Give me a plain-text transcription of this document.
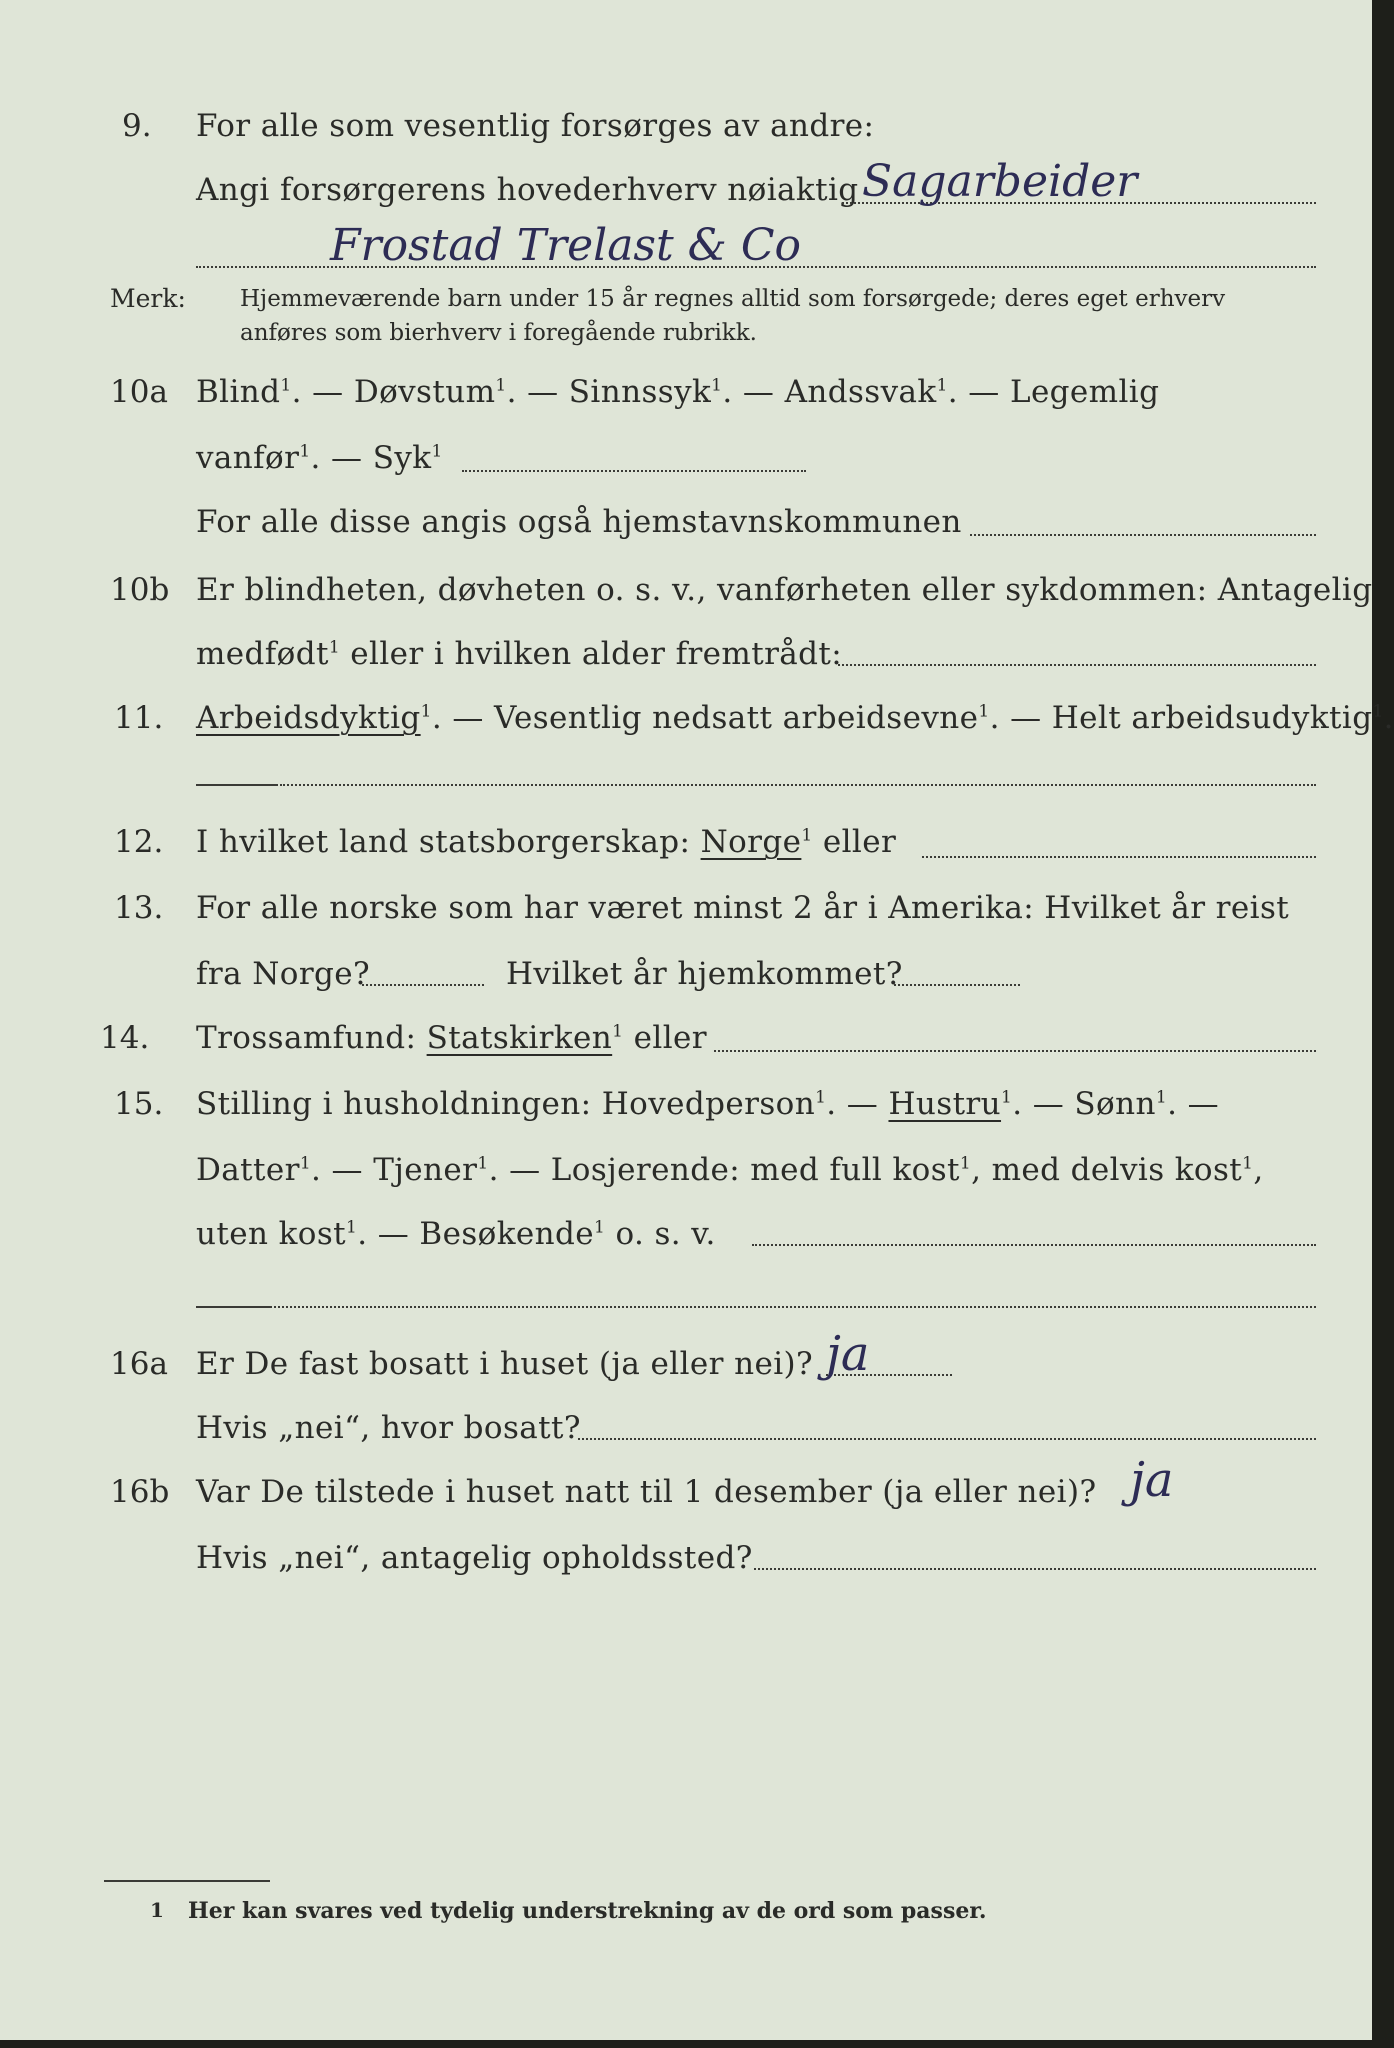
9. For alle som vesentlig forsørges av andre:
Angi forsørgerens hovederhverv nøiaktig Sagarbeider
Frostad Trelast & Co
Merk: Hjemmeværende barn under 15 år regnes alltid som forsørgede; deres eget erhverv
anføres som bierhverv i foregående rubrikk.
10a Blind$^1$. — Døvstum$^1$. — Sinnssyk$^1$. — Andssvak$^1$. — Legemlig
vanfør$^1$. — Syk$^1$
For alle disse angis også hjemstavnskommunen
10b Er blindheten, døvheten o. s. v., vanførheten eller sykdommen: Antagelig
medfødt$^1$ eller i hvilken alder fremtrådt:
11. Arbeidsdyktig$^1$. — Vesentlig nedsatt arbeidsevne$^1$. — Helt arbeidsudyktig$^1$.
12. I hvilket land statsborgerskap: Norge$^1$ eller
13. For alle norske som har været minst 2 år i Amerika: Hvilket år reist
fra Norge?	Hvilket år hjemkommet?
14. Trossamfund: Statskirken$^1$ eller
15. Stilling i husholdningen: Hovedperson$^1$. — Hustru$^1$. — Sønn$^1$. —
Datter$^1$. — Tjener$^1$. — Losjerende: med full kost$^1$, med delvis kost$^1$,
uten kost$^1$. — Besøkende$^1$ o. s. v.
16a Er De fast bosatt i huset (ja eller nei)? ja
Hvis „nei“, hvor bosatt?
16b Var De tilstede i huset natt til 1 desember (ja eller nei)? ja
Hvis „nei“, antagelig opholdssted?
1 Her kan svares ved tydelig understrekning av de ord som passer.
